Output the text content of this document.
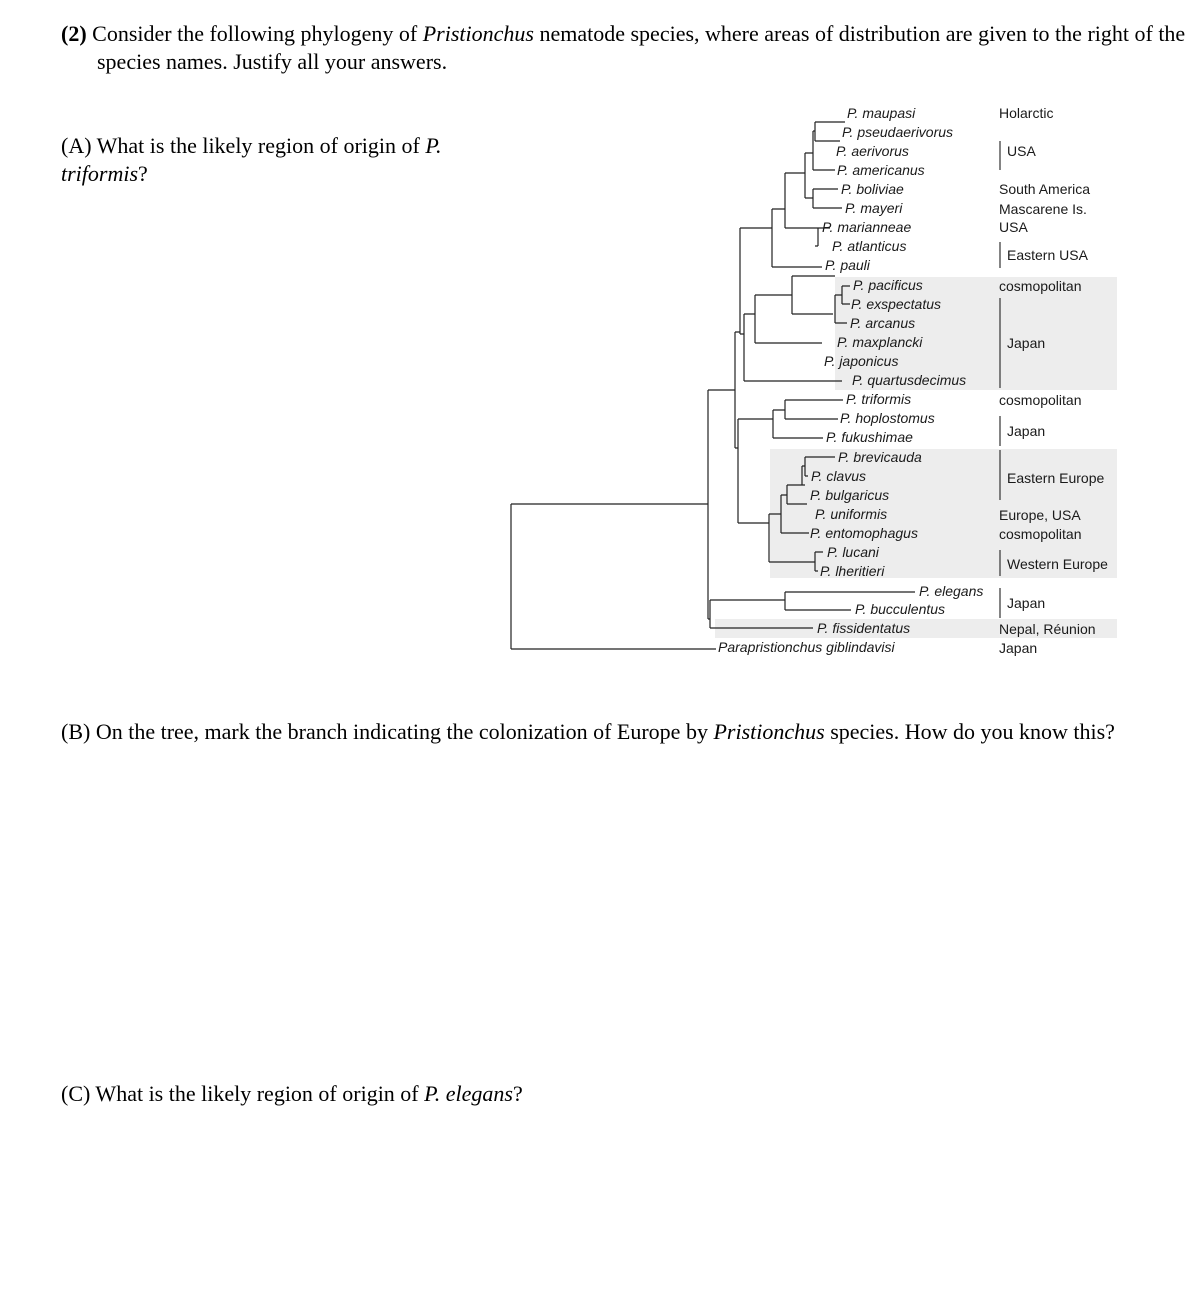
(2) Consider the following phylogeny of Pristionchus nematode species, where areas of distribution are given to the right of the species names. Justify all your answers.

(A) What is the likely region of origin of P. triformis?

(B) On the tree, mark the branch indicating the colonization of Europe by Pristionchus species. How do you know this?

(C) What is the likely region of origin of P. elegans?

P. maupasi
P. pseudaerivorus
P. aerivorus
P. americanus
P. boliviae
P. mayeri
P. marianneae
P. atlanticus
P. pauli
P. pacificus
P. exspectatus
P. arcanus
P. maxplancki
P. japonicus
P. quartusdecimus
P. triformis
P. hoplostomus
P. fukushimae
P. brevicauda
P. clavus
P. bulgaricus
P. uniformis
P. entomophagus
P. lucani
P. lheritieri
P. elegans
P. bucculentus
P. fissidentatus
Parapristionchus giblindavisi
Holarctic
USA
South America
Mascarene Is.
USA
Eastern USA
cosmopolitan
Japan
cosmopolitan
Japan
Eastern Europe
Europe, USA
cosmopolitan
Western Europe
Japan
Nepal, Réunion
Japan
